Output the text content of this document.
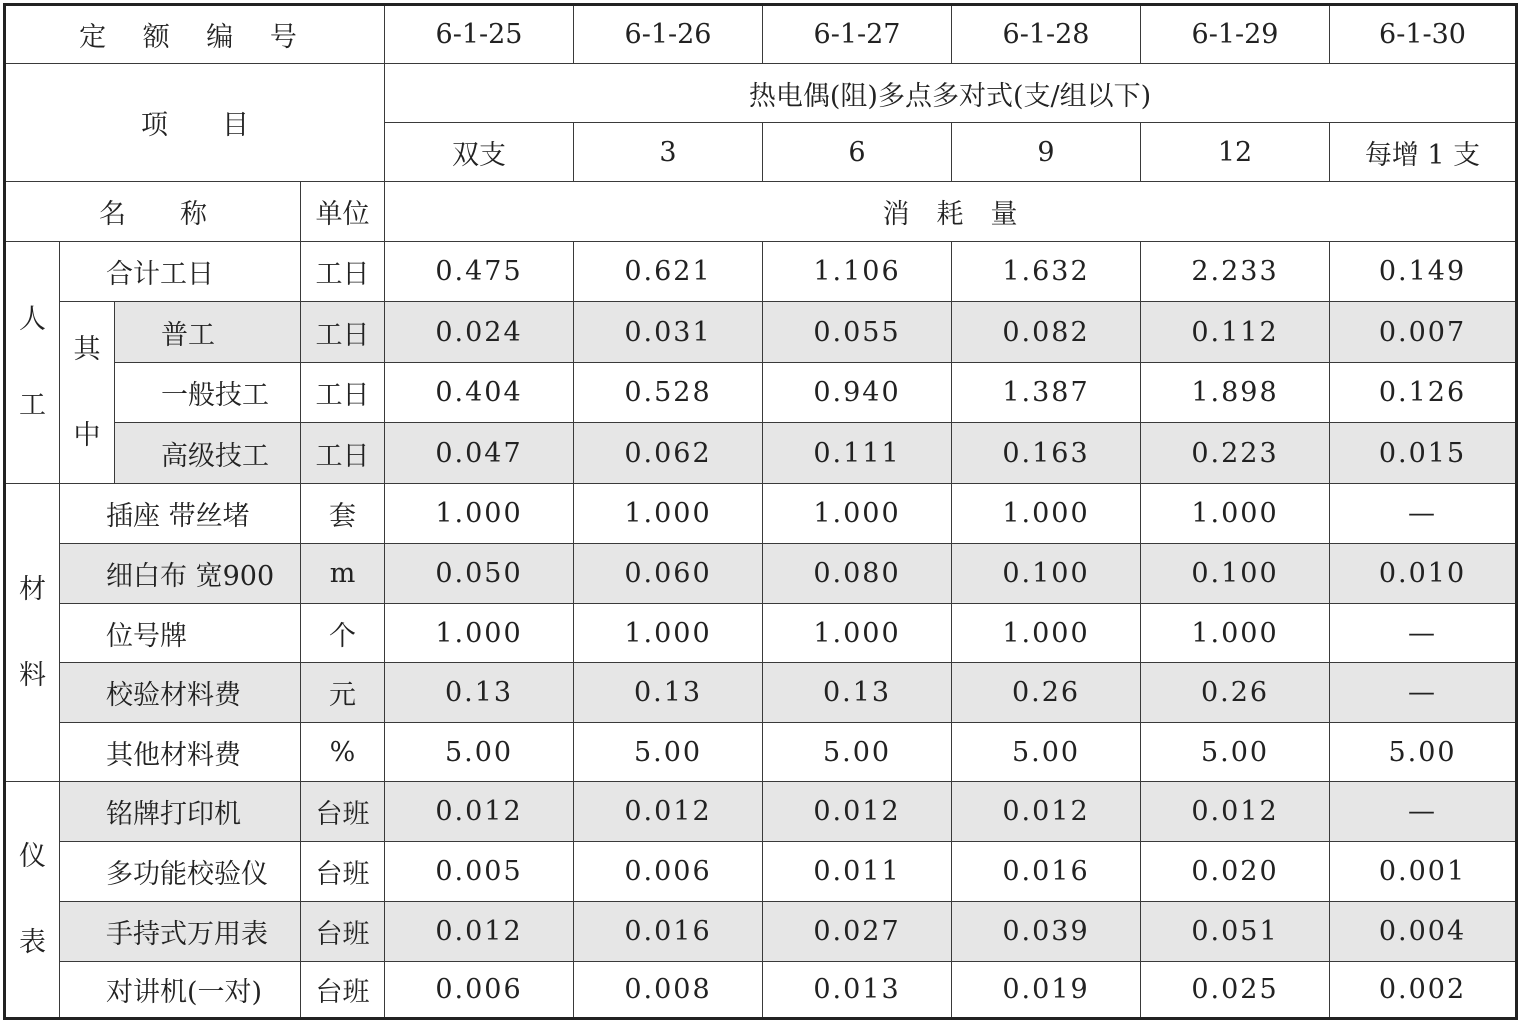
定 额 编 号				6-1-25	6-1-26	6-1-27	6-1-28	6-1-29	6-1-30
项　　目				热电偶(阻)多点多对式(支/组以下)					
				双支	3	6	9	12	每增 1 支
名　　称			单位	消　耗　量					

人
工	合计工日		工日	0.475	0.621	1.106	1.632	2.233	0.149

	其
中	普工	工日	0.024	0.031	0.055	0.082	0.112	0.007
		一般技工	工日	0.404	0.528	0.940	1.387	1.898	0.126
		高级技工	工日	0.047	0.062	0.111	0.163	0.223	0.015

材
料	插座 带丝堵		套	1.000	1.000	1.000	1.000	1.000	—
	细白布 宽900		m	0.050	0.060	0.080	0.100	0.100	0.010
	位号牌		个	1.000	1.000	1.000	1.000	1.000	—
	校验材料费		元	0.13	0.13	0.13	0.26	0.26	—
	其他材料费		%	5.00	5.00	5.00	5.00	5.00	5.00

仪
表	铭牌打印机		台班	0.012	0.012	0.012	0.012	0.012	—
	多功能校验仪		台班	0.005	0.006	0.011	0.016	0.020	0.001
	手持式万用表		台班	0.012	0.016	0.027	0.039	0.051	0.004
	对讲机(一对)		台班	0.006	0.008	0.013	0.019	0.025	0.002
